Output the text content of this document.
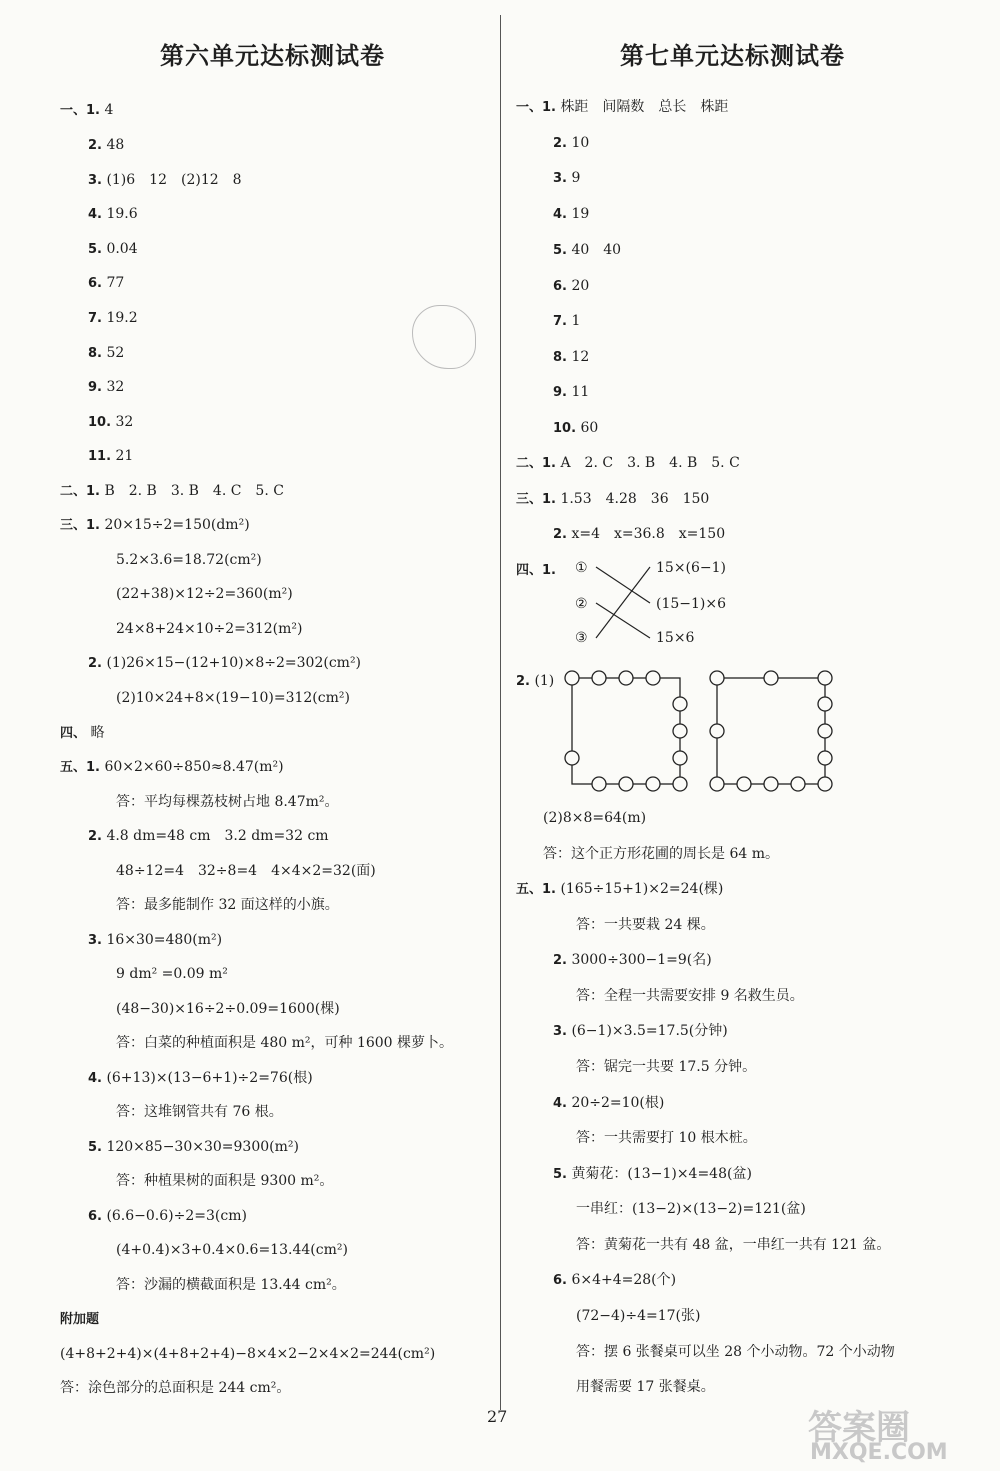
第六单元达标测试卷	第七单元达标测试卷
一、1. 4
2. 48
3. (1)6　12　(2)12　8
4. 19.6
5. 0.04
6. 77
7. 19.2
8. 52
9. 32
10. 32
11. 21
二、1. B　2. B　3. B　4. C　5. C
三、1. 20×15÷2=150(dm²)
5.2×3.6=18.72(cm²)
(22+38)×12÷2=360(m²)
24×8+24×10÷2=312(m²)
2. (1)26×15−(12+10)×8÷2=302(cm²)
(2)10×24+8×(19−10)=312(cm²)
四、 略
五、1. 60×2×60÷850≈8.47(m²)
答：平均每棵荔枝树占地 8.47m²。
2. 4.8 dm=48 cm　3.2 dm=32 cm
48÷12=4　32÷8=4　4×4×2=32(面)
答：最多能制作 32 面这样的小旗。
3. 16×30=480(m²)
9 dm² =0.09 m²
(48−30)×16÷2÷0.09=1600(棵)
答：白菜的种植面积是 480 m²，可种 1600 棵萝卜。
4. (6+13)×(13−6+1)÷2=76(根)
答：这堆钢管共有 76 根。
5. 120×85−30×30=9300(m²)
答：种植果树的面积是 9300 m²。
6. (6.6−0.6)÷2=3(cm)
(4+0.4)×3+0.4×0.6=13.44(cm²)
答：沙漏的横截面积是 13.44 cm²。
附加题
(4+8+2+4)×(4+8+2+4)−8×4×2−2×4×2=244(cm²)
答：涂色部分的总面积是 244 cm²。
一、1. 株距　间隔数　总长　株距
2. 10
3. 9
4. 19
5. 40　40
6. 20
7. 1
8. 12
9. 11
10. 60
二、1. A　2. C　3. B　4. B　5. C
三、1. 1.53　4.28　36　150
2. x=4　x=36.8　x=150
四、1.
2. (1)
(2)8×8=64(m)
答：这个正方形花圃的周长是 64 m。
五、1. (165÷15+1)×2=24(棵)
答：一共要栽 24 棵。
2. 3000÷300−1=9(名)
答：全程一共需要安排 9 名救生员。
3. (6−1)×3.5=17.5(分钟)
答：锯完一共要 17.5 分钟。
4. 20÷2=10(根)
答：一共需要打 10 根木桩。
5. 黄菊花：(13−1)×4=48(盆)
一串红：(13−2)×(13−2)=121(盆)
答：黄菊花一共有 48 盆，一串红一共有 121 盆。
6. 6×4+4=28(个)
(72−4)÷4=17(张)
答：摆 6 张餐桌可以坐 28 个小动物。72 个小动物
用餐需要 17 张餐桌。
①
②
③
15×(6−1)
(15−1)×6
15×6
27	答案圈
MXQE.COM
